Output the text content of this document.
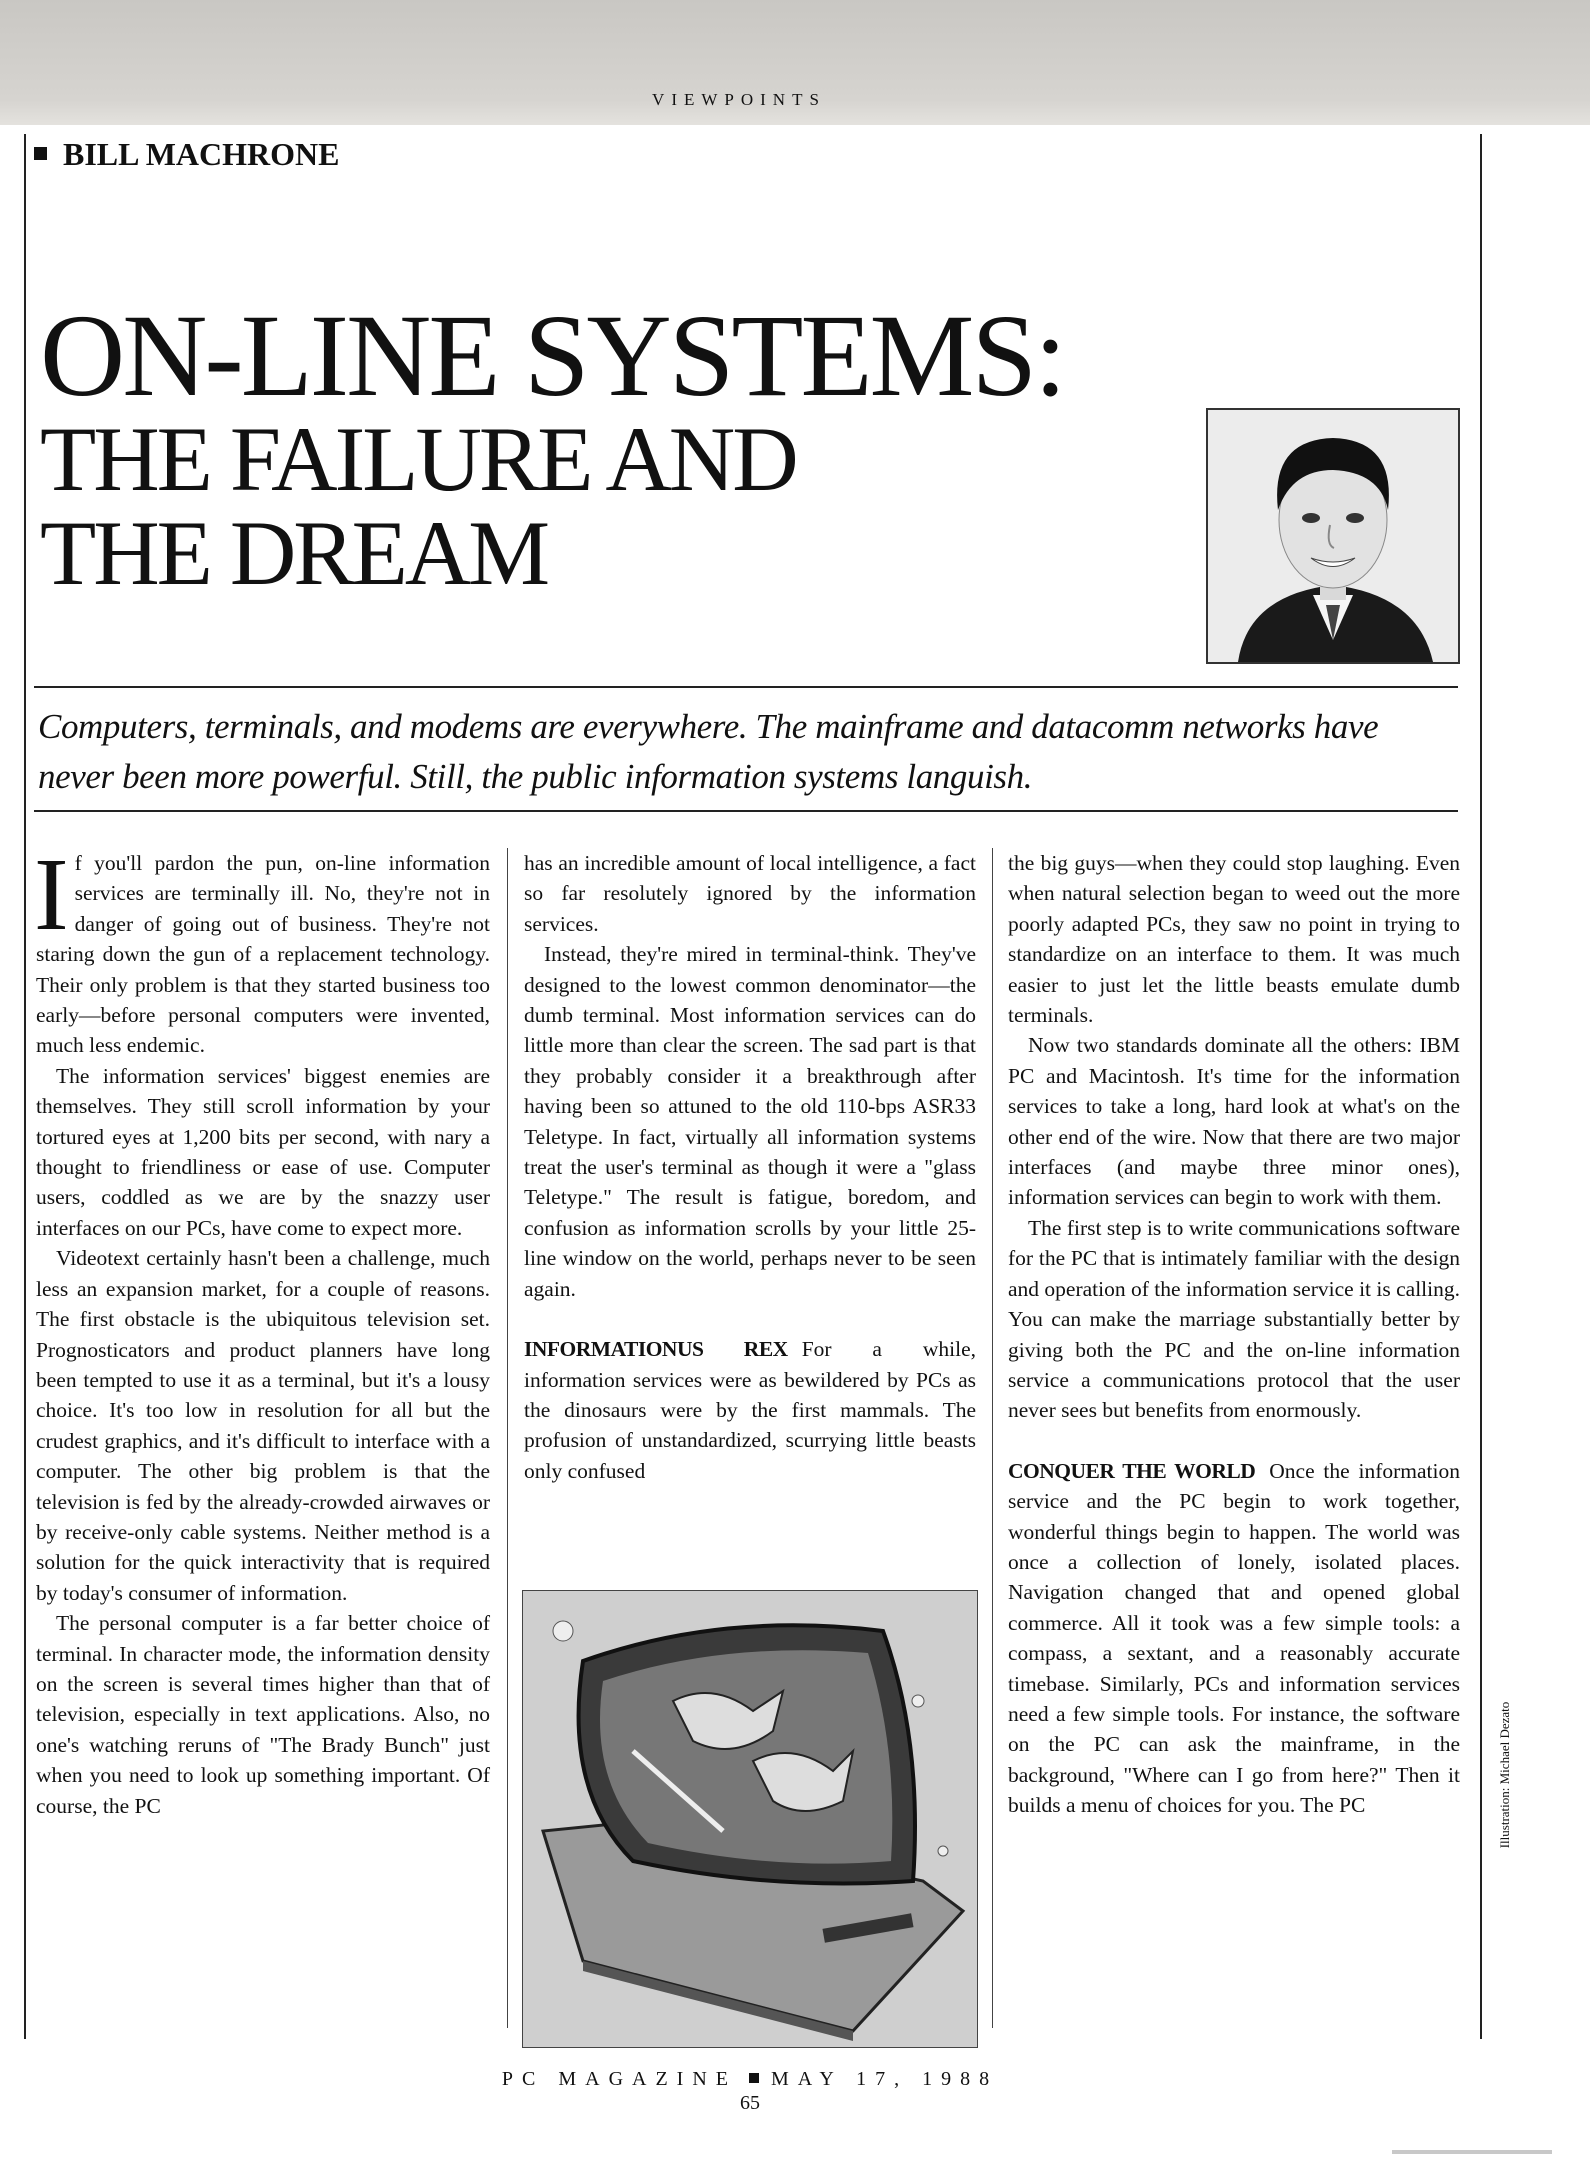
VIEWPOINTS
BILL MACHRONE
ON-LINE SYSTEMS:
THE FAILURE AND
THE DREAM

Computers, terminals, and modems are everywhere. The mainframe and datacomm networks have never been more powerful. Still, the public information systems languish.

If you'll pardon the pun, on-line information services are terminally ill. No, they're not in danger of going out of business. They're not staring down the gun of a replacement technology. Their only problem is that they started business too early—before personal computers were invented, much less endemic.

The information services' biggest enemies are themselves. They still scroll information by your tortured eyes at 1,200 bits per second, with nary a thought to friendliness or ease of use. Computer users, coddled as we are by the snazzy user interfaces on our PCs, have come to expect more.

Videotext certainly hasn't been a challenge, much less an expansion market, for a couple of reasons. The first obstacle is the ubiquitous television set. Prognosticators and product planners have long been tempted to use it as a terminal, but it's a lousy choice. It's too low in resolution for all but the crudest graphics, and it's difficult to interface with a computer. The other big problem is that the television is fed by the already-crowded airwaves or by receive-only cable systems. Neither method is a solution for the quick interactivity that is required by today's consumer of information.

The personal computer is a far better choice of terminal. In character mode, the information density on the screen is several times higher than that of television, especially in text applications. Also, no one's watching reruns of "The Brady Bunch" just when you need to look up something important. Of course, the PC

has an incredible amount of local intelligence, a fact so far resolutely ignored by the information services.

Instead, they're mired in terminal-think. They've designed to the lowest common denominator—the dumb terminal. Most information services can do little more than clear the screen. The sad part is that they probably consider it a breakthrough after having been so attuned to the old 110-bps ASR33 Teletype. In fact, virtually all information systems treat the user's terminal as though it were a "glass Teletype." The result is fatigue, boredom, and confusion as information scrolls by your little 25-line window on the world, perhaps never to be seen again.

INFORMATIONUS REX For a while, information services were as bewildered by PCs as the dinosaurs were by the first mammals. The profusion of unstandardized, scurrying little beasts only confused

the big guys—when they could stop laughing. Even when natural selection began to weed out the more poorly adapted PCs, they saw no point in trying to standardize on an interface to them. It was much easier to just let the little beasts emulate dumb terminals.

Now two standards dominate all the others: IBM PC and Macintosh. It's time for the information services to take a long, hard look at what's on the other end of the wire. Now that there are two major interfaces (and maybe three minor ones), information services can begin to work with them.

The first step is to write communications software for the PC that is intimately familiar with the design and operation of the information service it is calling. You can make the marriage substantially better by giving both the PC and the on-line information service a communications protocol that the user never sees but benefits from enormously.

CONQUER THE WORLD Once the information service and the PC begin to work together, wonderful things begin to happen. The world was once a collection of lonely, isolated places. Navigation changed that and opened global commerce. All it took was a few simple tools: a compass, a sextant, and a reasonably accurate timebase. Similarly, PCs and information services need a few simple tools. For instance, the software on the PC can ask the mainframe, in the background, "Where can I go from here?" Then it builds a menu of choices for you. The PC	Illustration: Michael Dezato
PC MAGAZINE MAY 17, 1988
65
